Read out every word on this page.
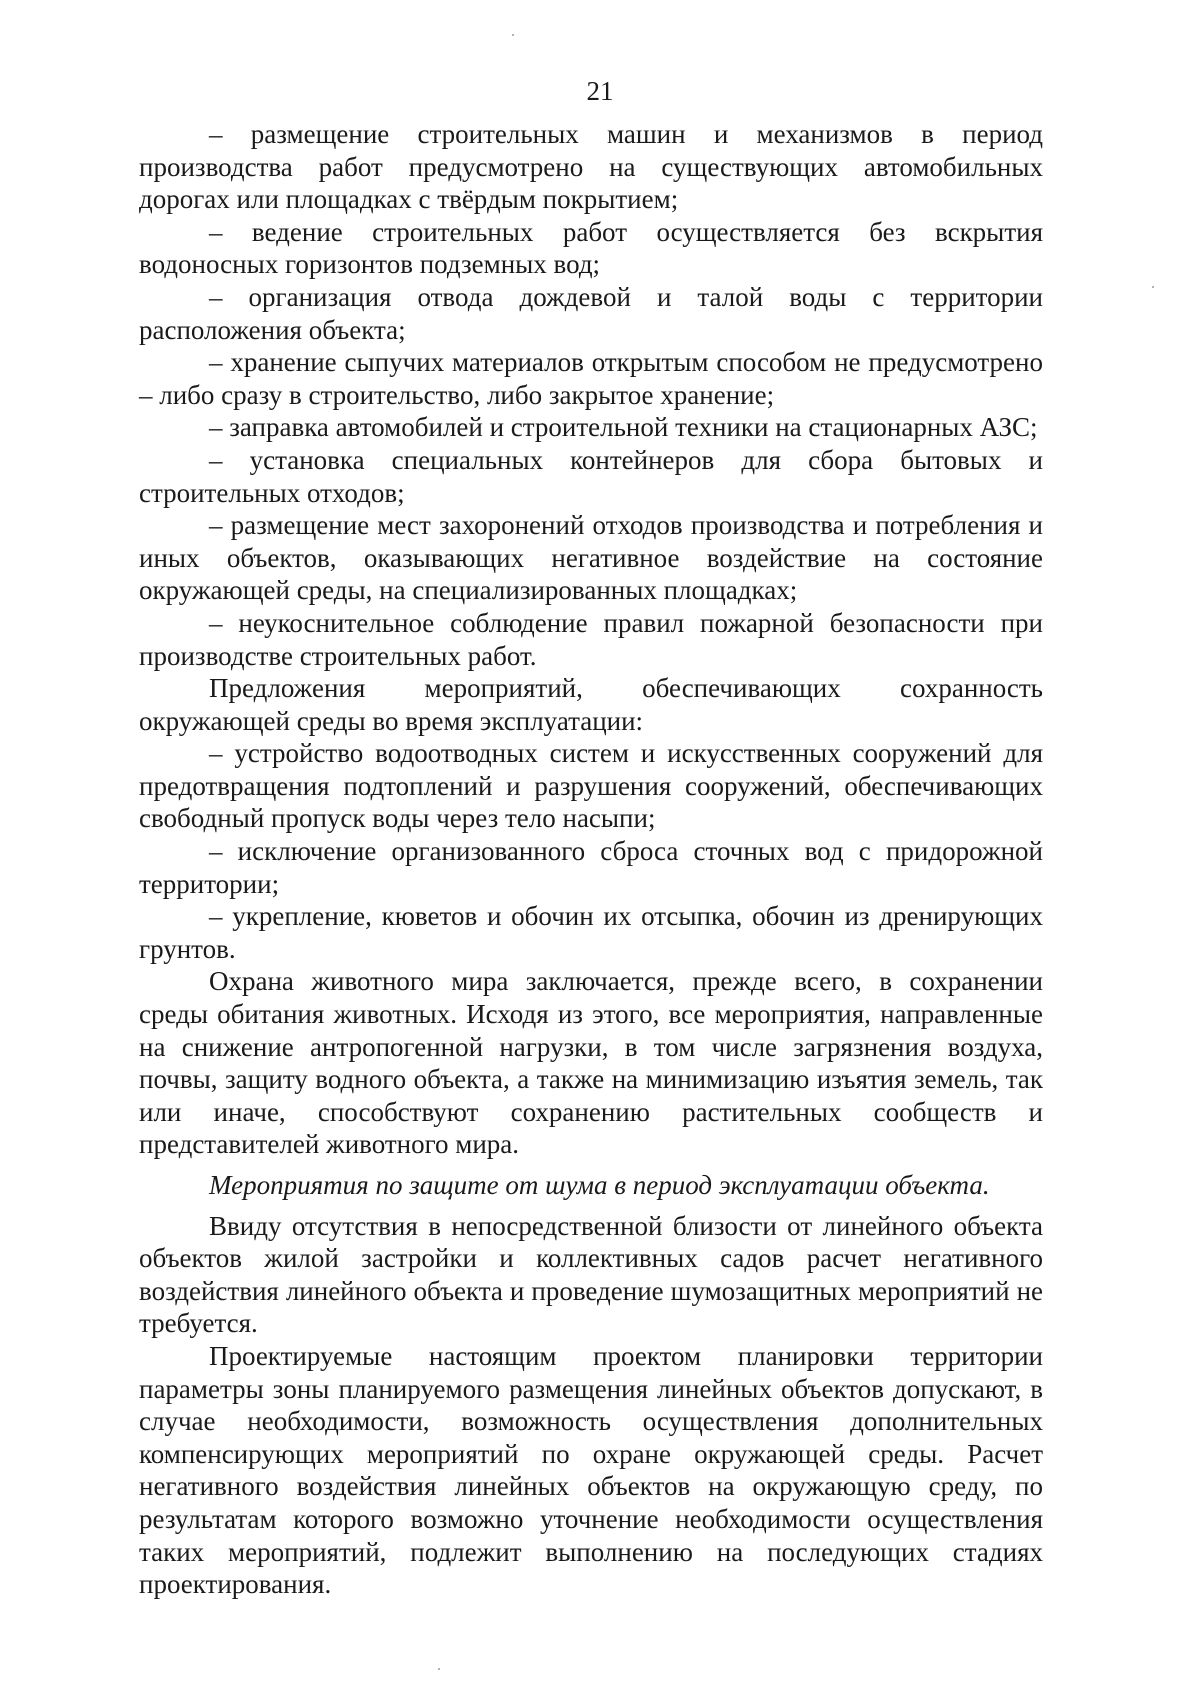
21

– размещение строительных машин и механизмов в период производства работ предусмотрено на существующих автомобильных дорогах или площадках с твёрдым покрытием;

– ведение строительных работ осуществляется без вскрытия водоносных горизонтов подземных вод;

– организация отвода дождевой и талой воды с территории расположения объекта;

– хранение сыпучих материалов открытым способом не предусмотрено – либо сразу в строительство, либо закрытое хранение;

– заправка автомобилей и строительной техники на стационарных АЗС;

– установка специальных контейнеров для сбора бытовых и строительных отходов;

– размещение мест захоронений отходов производства и потребления и иных объектов, оказывающих негативное воздействие на состояние окружающей среды, на специализированных площадках;

– неукоснительное соблюдение правил пожарной безопасности при производстве строительных работ.

Предложения мероприятий, обеспечивающих сохранность окружающей среды во время эксплуатации:

– устройство водоотводных систем и искусственных сооружений для предотвращения подтоплений и разрушения сооружений, обеспечивающих свободный пропуск воды через тело насыпи;

– исключение организованного сброса сточных вод с придорожной территории;

– укрепление, кюветов и обочин их отсыпка, обочин из дренирующих грунтов.

Охрана животного мира заключается, прежде всего, в сохранении среды обитания животных. Исходя из этого, все мероприятия, направленные на снижение антропогенной нагрузки, в том числе загрязнения воздуха, почвы, защиту водного объекта, а также на минимизацию изъятия земель, так или иначе, способствуют сохранению растительных сообществ и представителей животного мира.

Мероприятия по защите от шума в период эксплуатации объекта.

Ввиду отсутствия в непосредственной близости от линейного объекта объектов жилой застройки и коллективных садов расчет негативного воздействия линейного объекта и проведение шумозащитных мероприятий не требуется.

Проектируемые настоящим проектом планировки территории параметры зоны планируемого размещения линейных объектов допускают, в случае необходимости, возможность осуществления дополнительных компенсирующих мероприятий по охране окружающей среды. Расчет негативного воздействия линейных объектов на окружающую среду, по результатам которого возможно уточнение необходимости осуществления таких мероприятий, подлежит выполнению на последующих стадиях проектирования.
